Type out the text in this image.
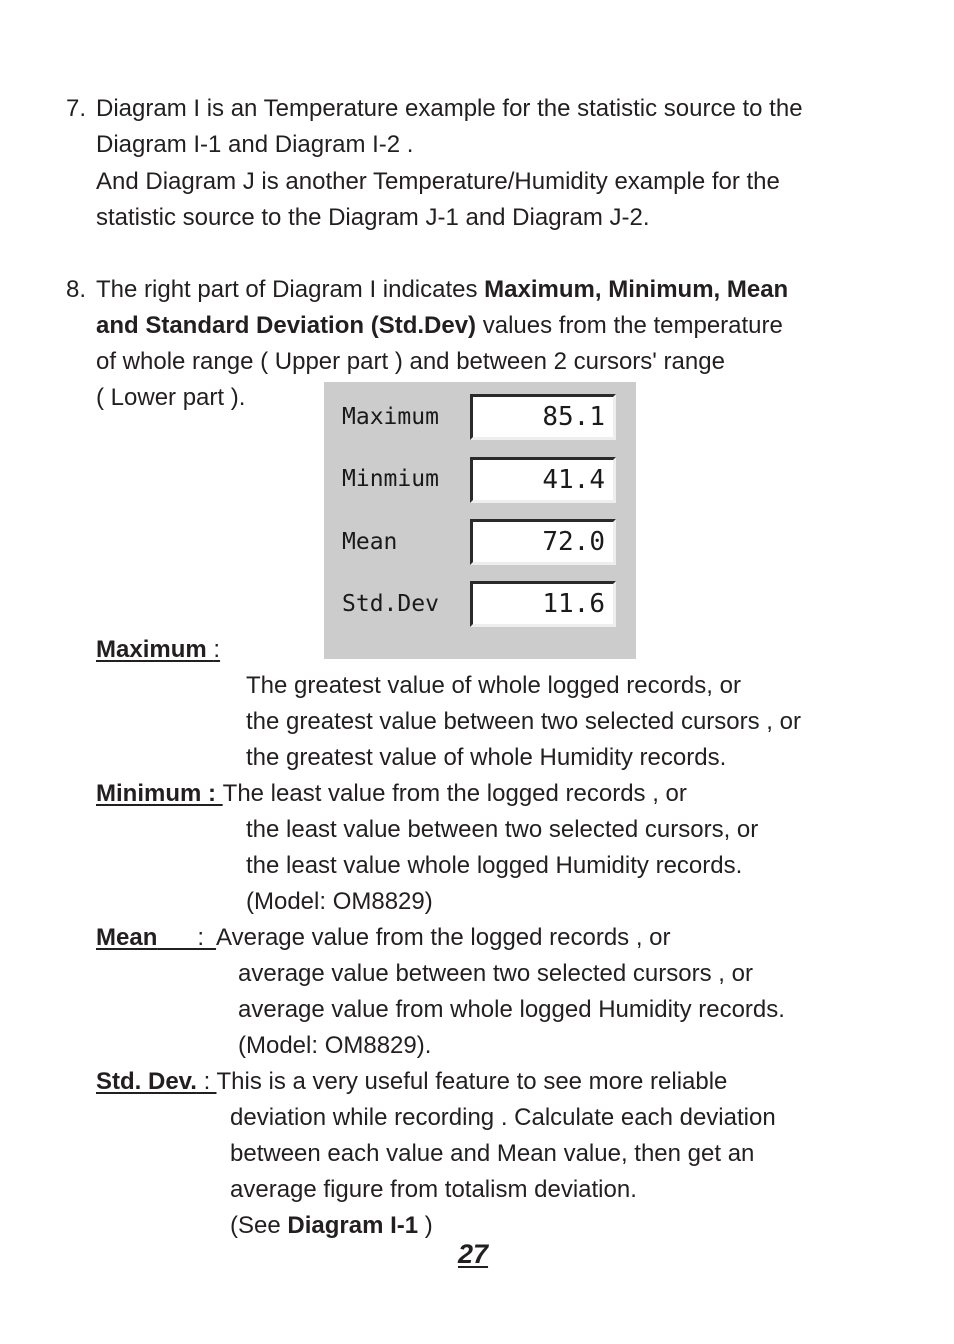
7. Diagram I is an Temperature example for the statistic source to the
Diagram I-1 and Diagram I-2 .
And Diagram J is another Temperature/Humidity example for the
statistic source to the Diagram J-1 and Diagram J-2.
8. The right part of Diagram I indicates Maximum, Minimum, Mean
and Standard Deviation (Std.Dev) values from the temperature
of whole range ( Upper part ) and between 2 cursors' range
( Lower part ).
Maximum	85.1
Minmium	41.4
Mean	72.0
Std.Dev	11.6
Maximum :
The greatest value of whole logged records, or
the greatest value between two selected cursors , or
the greatest value of whole Humidity records.
Minimum : The least value from the logged records , or
the least value between two selected cursors, or
the least value whole logged Humidity records.
(Model: OM8829)
Mean      :  Average value from the logged records , or
average value between two selected cursors , or
average value from whole logged Humidity records.
(Model: OM8829).
Std. Dev. : This is a very useful feature to see more reliable
deviation while recording . Calculate each deviation
between each value and Mean value, then get an
average figure from totalism deviation.
(See Diagram I-1 )
27
